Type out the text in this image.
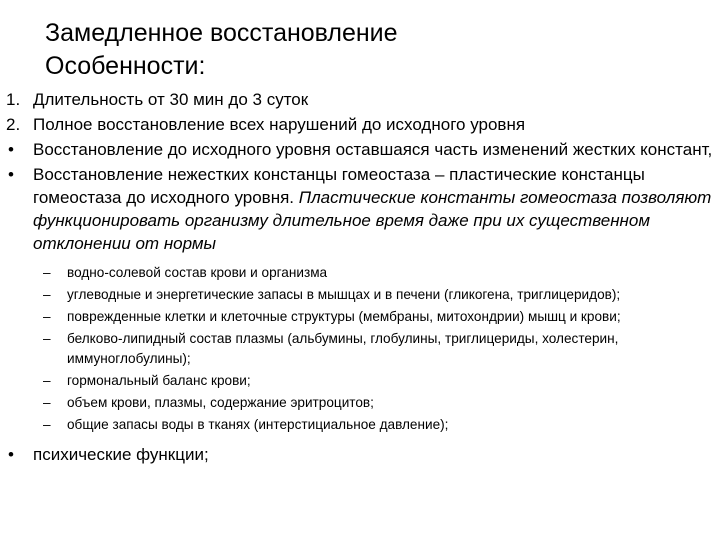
Замедленное восстановление
Особенности:
1. Длительность от 30 мин до 3 суток
2. Полное восстановление всех нарушений до исходного уровня
• Восстановление до исходного уровня оставшаяся часть изменений жестких констант,
• Восстановление нежестких констанцы гомеостаза – пластические констанцы гомеостаза до исходного уровня. Пластические константы гомеостаза позволяют функционировать организму длительное время даже при их существенном отклонении от нормы
– водно-солевой состав крови и организма
– углеводные и энергетические запасы в мышцах и в печени (гликогена, триглицеридов);
– поврежденные клетки и клеточные структуры (мембраны, митохондрии) мышц и крови;
– белково-липидный состав плазмы (альбумины, глобулины, триглицериды, холестерин, иммуноглобулины);
– гормональный баланс крови;
– объем крови, плазмы, содержание эритроцитов;
– общие запасы воды в тканях (интерстициальное давление);
• психические функции;
